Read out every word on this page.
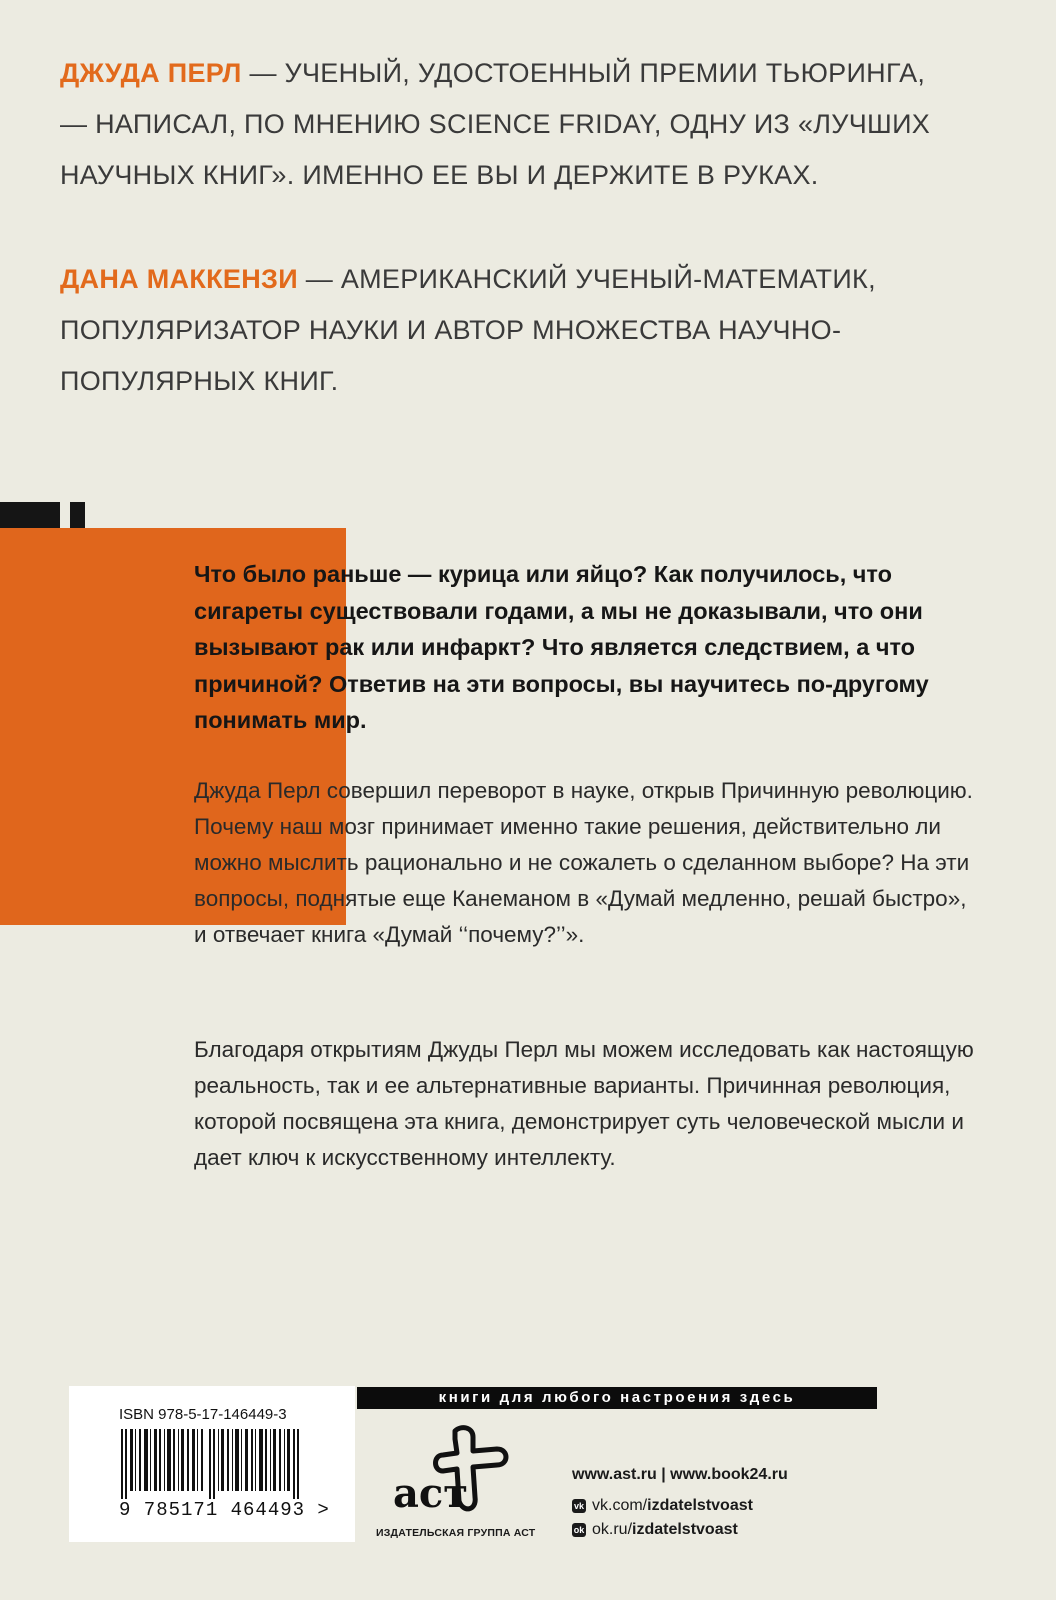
ДЖУДА ПЕРЛ — УЧЕНЫЙ, УДОСТОЕННЫЙ ПРЕМИИ ТЬЮРИНГА, — НАПИСАЛ, ПО МНЕНИЮ SCIENCE FRIDAY, ОДНУ ИЗ «ЛУЧШИХ НАУЧНЫХ КНИГ». ИМЕННО ЕЕ ВЫ И ДЕРЖИТЕ В РУКАХ.
ДАНА МАККЕНЗИ — АМЕРИКАНСКИЙ УЧЕНЫЙ-МАТЕМАТИК, ПОПУЛЯРИЗАТОР НАУКИ И АВТОР МНОЖЕСТВА НАУЧНО-ПОПУЛЯРНЫХ КНИГ.
Что было раньше — курица или яйцо? Как получилось, что сигареты существовали годами, а мы не доказывали, что они вызывают рак или инфаркт? Что является следствием, а что причиной? Ответив на эти вопросы, вы научитесь по-другому понимать мир.
Джуда Перл совершил переворот в науке, открыв Причинную революцию. Почему наш мозг принимает именно такие решения, действительно ли можно мыслить рационально и не сожалеть о сделанном выборе? На эти вопросы, поднятые еще Канеманом в «Думай медленно, решай быстро», и отвечает книга «Думай ‘‘почему?’’».
Благодаря открытиям Джуды Перл мы можем исследовать как настоящую реальность, так и ее альтернативные варианты. Причинная революция, которой посвящена эта книга, демонстрирует суть человеческой мысли и дает ключ к искусственному интеллекту.
ISBN 978-5-17-146449-3
9 785171 464493 >
книги для любого настроения здесь
аст
ИЗДАТЕЛЬСКАЯ ГРУППА АСТ
www.ast.ru | www.book24.ru
vk vk.com/ izdatelstvoast
ok ok.ru/ izdatelstvoast
